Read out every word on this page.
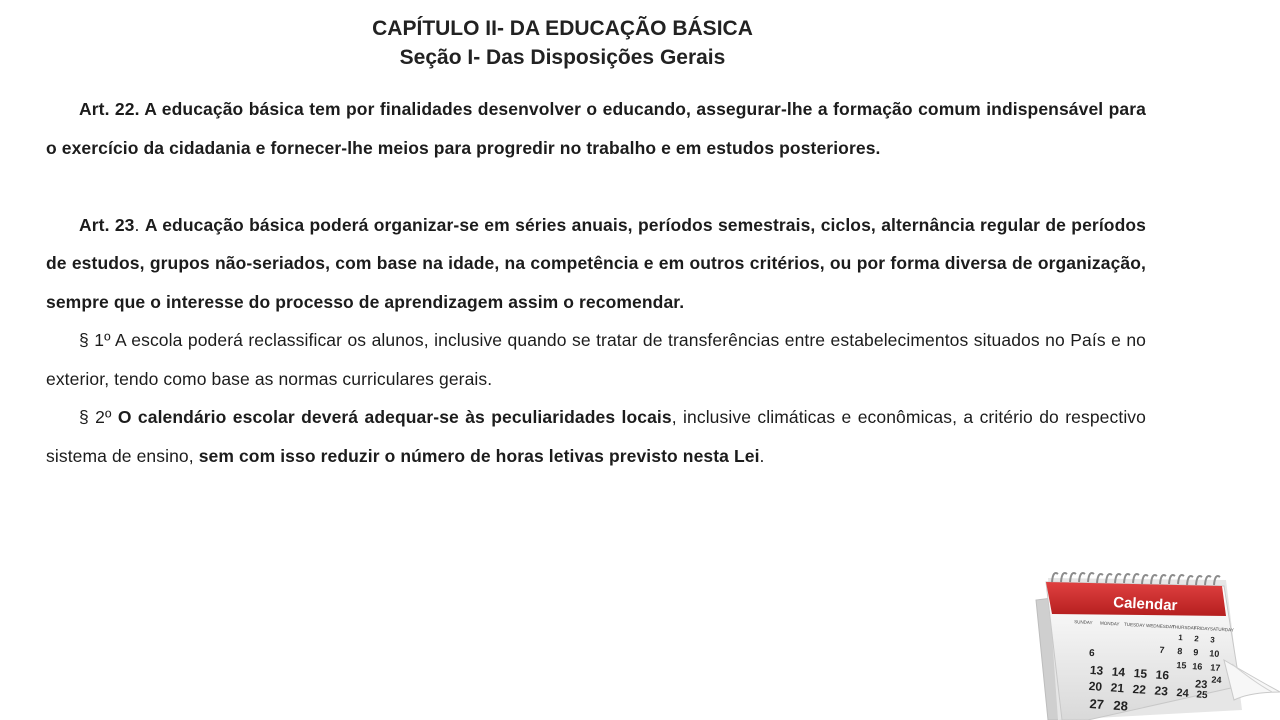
CAPÍTULO II- DA EDUCAÇÃO BÁSICA
Seção I- Das Disposições Gerais

Art. 22. A educação básica tem por finalidades desenvolver o educando, assegurar-lhe a formação comum indispensável para o exercício da cidadania e fornecer-lhe meios para progredir no trabalho e em estudos posteriores.

Art. 23. A educação básica poderá organizar-se em séries anuais, períodos semestrais, ciclos, alternância regular de períodos de estudos, grupos não-seriados, com base na idade, na competência e em outros critérios, ou por forma diversa de organização, sempre que o interesse do processo de aprendizagem assim o recomendar.

§ 1º A escola poderá reclassificar os alunos, inclusive quando se tratar de transferências entre estabelecimentos situados no País e no exterior, tendo como base as normas curriculares gerais.

§ 2º O calendário escolar deverá adequar-se às peculiaridades locais, inclusive climáticas e econômicas, a critério do respectivo sistema de ensino, sem com isso reduzir o número de horas letivas previsto nesta Lei.

Calendar
SUNDAY MONDAY TUESDAY WEDNESDAY
THURSDAY
FRIDAY SATURDAY
1 2 3
7 8 9 10
15 16 17
6
24
13 14 15 16
23
20 21 22 23 24 25
27 28
